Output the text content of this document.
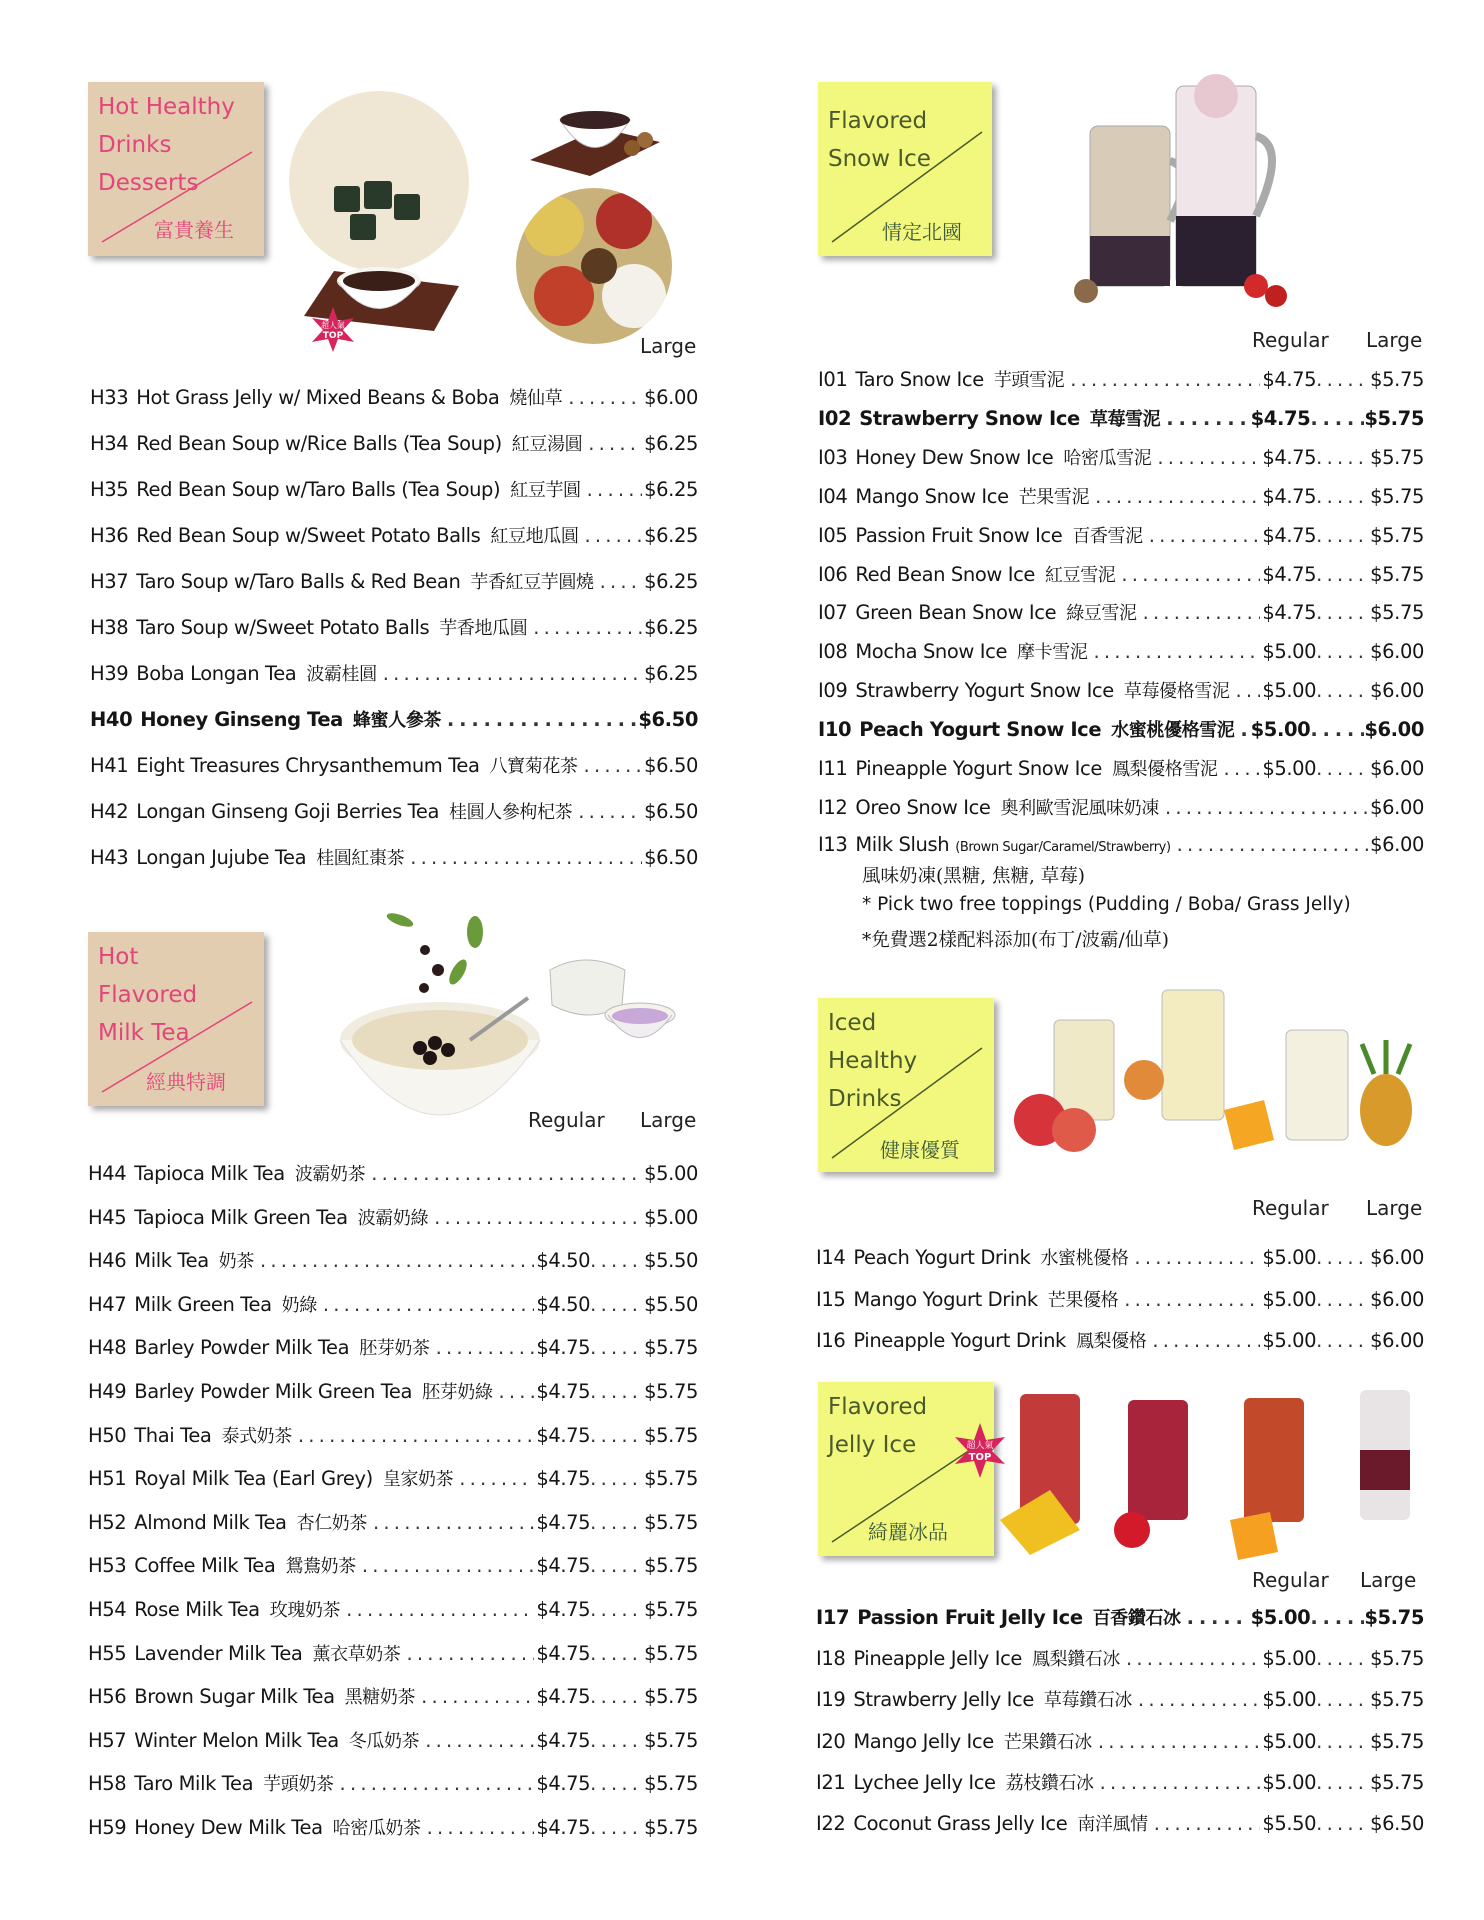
Hot Healthy
Drinks
Desserts
富貴養生
Hot
Flavored
Milk Tea
經典特調
Flavored
Snow Ice
情定北國
Iced
Healthy
Drinks
健康優質
Flavored
Jelly Ice
綺麗冰品
超人氣
TOP
超人氣
TOP
Large
Regular Large
Regular Large
Regular Large
Regular Large
H33 Hot Grass Jelly w/ Mixed Beans & Boba 燒仙草 . . .	$6.00
H34 Red Bean Soup w/Rice Balls (Tea Soup) 紅豆湯圓 . . .	$6.25
H35 Red Bean Soup w/Taro Balls (Tea Soup) 紅豆芋圓 . . .	$6.25
H36 Red Bean Soup w/Sweet Potato Balls 紅豆地瓜圓 . . .	$6.25
H37 Taro Soup w/Taro Balls & Red Bean 芋香紅豆芋圓燒 . . .	$6.25
H38 Taro Soup w/Sweet Potato Balls 芋香地瓜圓 . . .	$6.25
H39 Boba Longan Tea 波霸桂圓 . . .	$6.25
H40 Honey Ginseng Tea 蜂蜜人參茶 . . .	$6.50
H41 Eight Treasures Chrysanthemum Tea 八寶菊花茶 . . .	$6.50
H42 Longan Ginseng Goji Berries Tea 桂圓人參枸杞茶 . . .	$6.50
H43 Longan Jujube Tea 桂圓紅棗茶 . . .	$6.50
H44 Tapioca Milk Tea 波霸奶茶 . . .	$5.00
H45 Tapioca Milk Green Tea 波霸奶綠 . . .	$5.00
H46 Milk Tea 奶茶 . . .	$4.50 . . .	$5.50
H47 Milk Green Tea 奶綠 . . .	$4.50 . . .	$5.50
H48 Barley Powder Milk Tea 胚芽奶茶 . . .	$4.75 . . .	$5.75
H49 Barley Powder Milk Green Tea 胚芽奶綠 . . . $4.75 . . .	$5.75
H50 Thai Tea 泰式奶茶 . . .	$4.75 . . .	$5.75
H51 Royal Milk Tea (Earl Grey) 皇家奶茶 . . .	$4.75 . . .	$5.75
H52 Almond Milk Tea 杏仁奶茶 . . .	$4.75 . . .	$5.75
H53 Coffee Milk Tea 鴛鴦奶茶 . . .	$4.75 . . .	$5.75
H54 Rose Milk Tea 玫瑰奶茶 . . .	$4.75 . . .	$5.75
H55 Lavender Milk Tea 薰衣草奶茶 . . .	$4.75 . . .	$5.75
H56 Brown Sugar Milk Tea 黑糖奶茶 . . .	$4.75 . . .	$5.75
H57 Winter Melon Milk Tea 冬瓜奶茶 . . .	$4.75 . . .	$5.75
H58 Taro Milk Tea 芋頭奶茶 . . .	$4.75 . . .	$5.75
H59 Honey Dew Milk Tea 哈密瓜奶茶 . . .	$4.75 . . .	$5.75
I01 Taro Snow Ice 芋頭雪泥 . . .	$4.75 . . .	$5.75
I02 Strawberry Snow Ice 草莓雪泥 . . .	$4.75 . . .	$5.75
I03 Honey Dew Snow Ice 哈密瓜雪泥 . . .	$4.75 . . .	$5.75
I04 Mango Snow Ice 芒果雪泥 . . .	$4.75 . . .	$5.75
I05 Passion Fruit Snow Ice 百香雪泥 . . .	$4.75 . . .	$5.75
I06 Red Bean Snow Ice 紅豆雪泥 . . .	$4.75 . . .	$5.75
I07 Green Bean Snow Ice 綠豆雪泥 . . .	$4.75 . . .	$5.75
I08 Mocha Snow Ice 摩卡雪泥 . . .	$5.00 . . .	$6.00
I09 Strawberry Yogurt Snow Ice 草莓優格雪泥 . . . $5.00 . . .	$6.00
I10 Peach Yogurt Snow Ice 水蜜桃優格雪泥 . . . $5.00 . . .	$6.00
I11 Pineapple Yogurt Snow Ice 鳳梨優格雪泥 . . . $5.00 . . .	$6.00
I12 Oreo Snow Ice 奧利歐雪泥風味奶凍 . . .	$6.00
I13 Milk Slush (Brown Sugar/Caramel/Strawberry) . . .	$6.00
I14 Peach Yogurt Drink 水蜜桃優格 . . .	$5.00 . . .	$6.00
I15 Mango Yogurt Drink 芒果優格 . . .	$5.00 . . .	$6.00
I16 Pineapple Yogurt Drink 鳳梨優格 . . .	$5.00 . . .	$6.00
I17 Passion Fruit Jelly Ice 百香鑽石冰 . . .	$5.00 . . .	$5.75
I18 Pineapple Jelly Ice 鳳梨鑽石冰 . . .	$5.00 . . .	$5.75
I19 Strawberry Jelly Ice 草莓鑽石冰 . . .	$5.00 . . .	$5.75
I20 Mango Jelly Ice 芒果鑽石冰 . . .	$5.00 . . .	$5.75
I21 Lychee Jelly Ice 荔枝鑽石冰 . . .	$5.00 . . .	$5.75
I22 Coconut Grass Jelly Ice 南洋風情 . . .	$5.50 . . .	$6.50
風味奶凍(黑糖, 焦糖, 草莓)
* Pick two free toppings (Pudding / Boba/ Grass Jelly)
*免費選2樣配料添加(布丁/波霸/仙草)
